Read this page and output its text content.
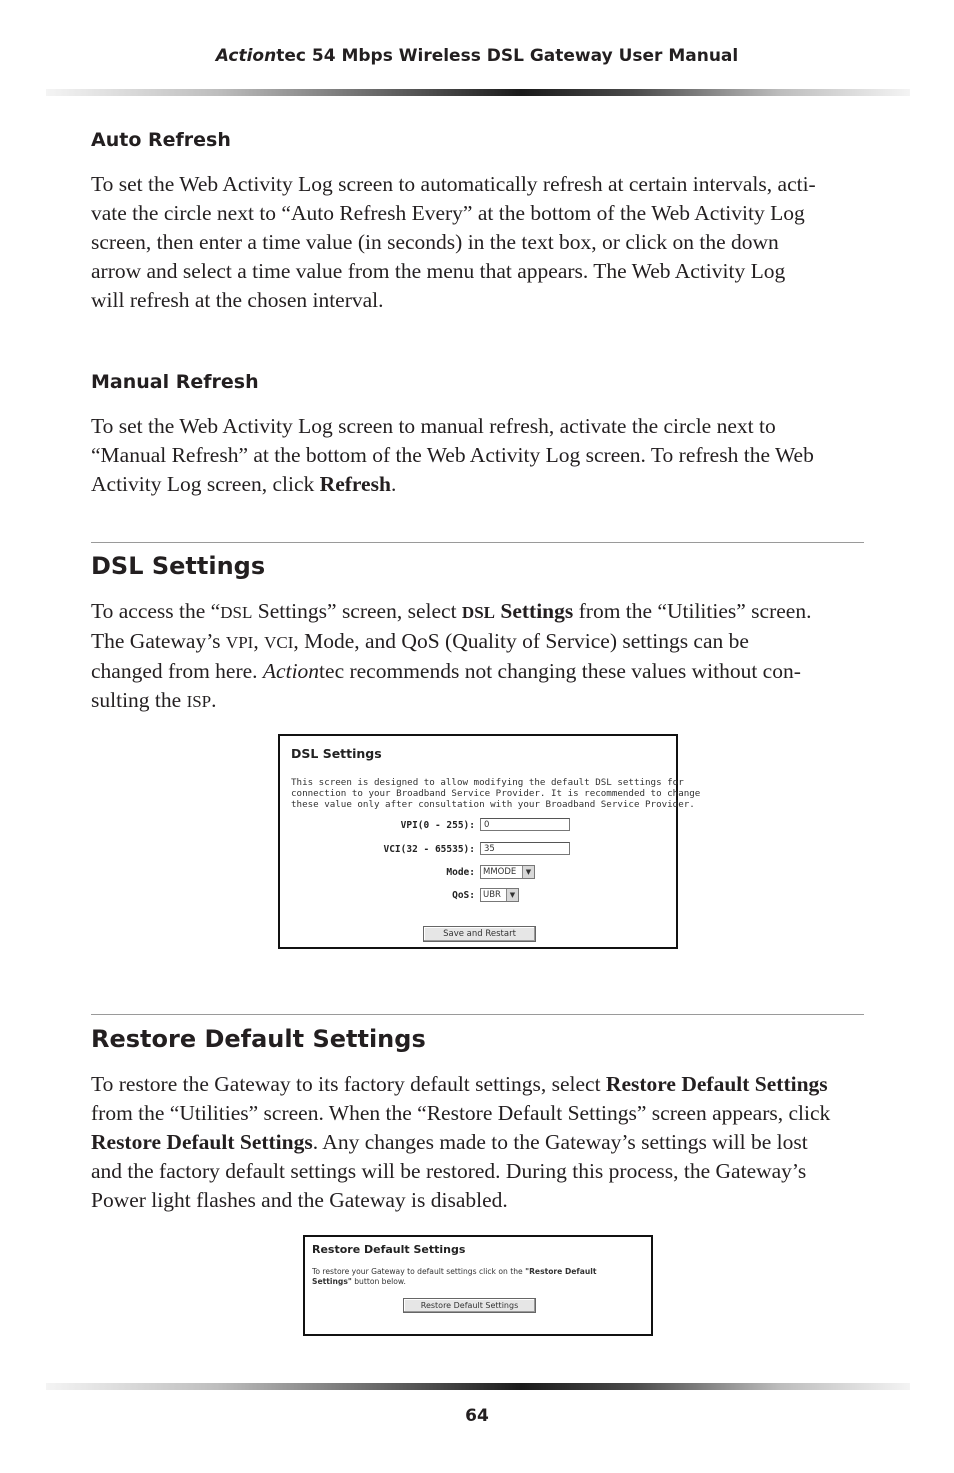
Actiontec 54 Mbps Wireless DSL Gateway User Manual
Auto Refresh
To set the Web Activity Log screen to automatically refresh at certain intervals, acti-
vate the circle next to “Auto Refresh Every” at the bottom of the Web Activity Log
screen, then enter a time value (in seconds) in the text box, or click on the down
arrow and select a time value from the menu that appears. The Web Activity Log
will refresh at the chosen interval.
Manual Refresh
To set the Web Activity Log screen to manual refresh, activate the circle next to
“Manual Refresh” at the bottom of the Web Activity Log screen. To refresh the Web
Activity Log screen, click Refresh.
DSL Settings
To access the “DSL Settings” screen, select DSL Settings from the “Utilities” screen.
The Gateway’s VPI, VCI, Mode, and QoS (Quality of Service) settings can be
changed from here. Actiontec recommends not changing these values without con-
sulting the ISP.
DSL Settings
This screen is designed to allow modifying the default DSL settings for
connection to your Broadband Service Provider. It is recommended to change
these value only after consultation with your Broadband Service Provider.
VPI(0 - 255):	0
VCI(32 - 65535):	35
Mode: MMODE	▼
QoS: UBR	▼
Save and Restart
Restore Default Settings
To restore the Gateway to its factory default settings, select Restore Default Settings
from the “Utilities” screen. When the “Restore Default Settings” screen appears, click
Restore Default Settings. Any changes made to the Gateway’s settings will be lost
and the factory default settings will be restored. During this process, the Gateway’s
Power light flashes and the Gateway is disabled.
Restore Default Settings
To restore your Gateway to default settings click on the "Restore Default
Settings" button below.
Restore Default Settings
64
